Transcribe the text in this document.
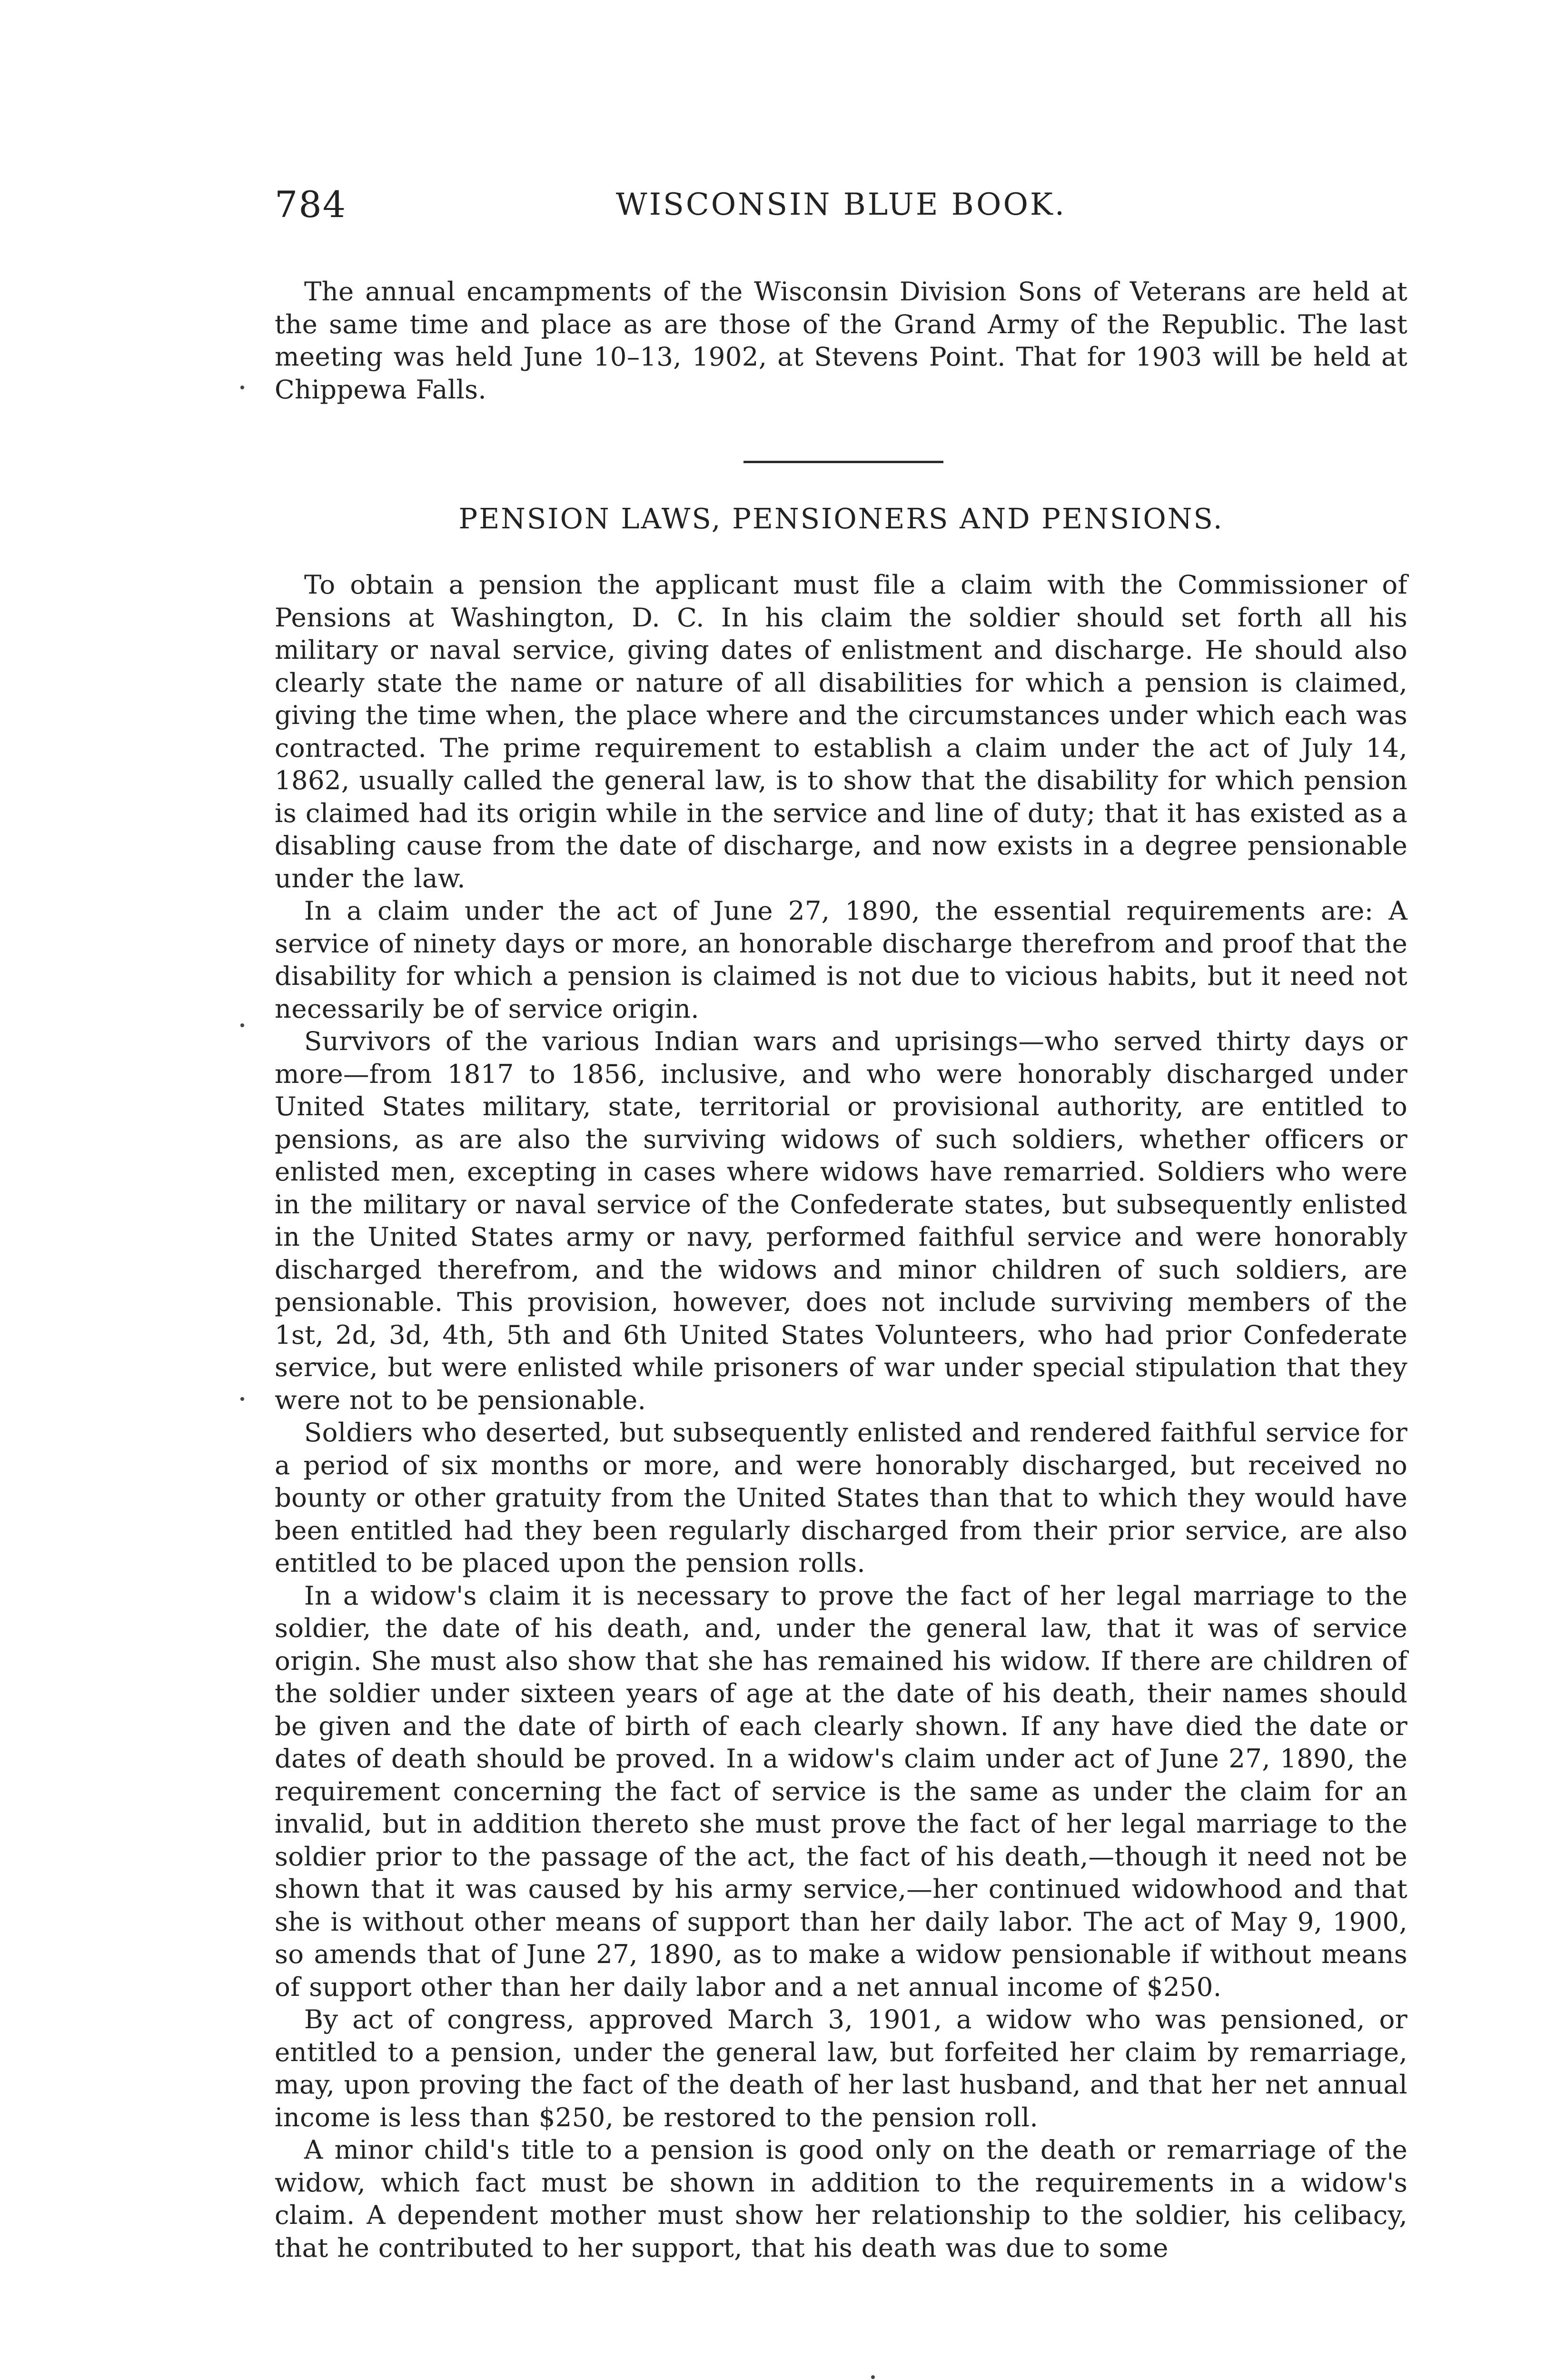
784	WISCONSIN BLUE BOOK.

The annual encampments of the Wisconsin Division Sons of Veterans are held at the same time and place as are those of the Grand Army of the Republic. The last meeting was held June 10–13, 1902, at Stevens Point. That for 1903 will be held at Chippewa Falls.

PENSION LAWS, PENSIONERS AND PENSIONS.

To obtain a pension the applicant must file a claim with the Commissioner of Pensions at Washington, D. C. In his claim the soldier should set forth all his military or naval service, giving dates of enlistment and discharge. He should also clearly state the name or nature of all disabilities for which a pension is claimed, giving the time when, the place where and the circumstances under which each was contracted. The prime requirement to establish a claim under the act of July 14, 1862, usually called the general law, is to show that the disability for which pension is claimed had its origin while in the service and line of duty; that it has existed as a disabling cause from the date of discharge, and now exists in a degree pensionable under the law.

In a claim under the act of June 27, 1890, the essential requirements are: A service of ninety days or more, an honorable discharge therefrom and proof that the disability for which a pension is claimed is not due to vicious habits, but it need not necessarily be of service origin.

Survivors of the various Indian wars and uprisings—who served thirty days or more—from 1817 to 1856, inclusive, and who were honorably discharged under United States military, state, territorial or provisional authority, are entitled to pensions, as are also the surviving widows of such soldiers, whether officers or enlisted men, excepting in cases where widows have remarried. Soldiers who were in the military or naval service of the Confederate states, but subsequently enlisted in the United States army or navy, performed faithful service and were honorably discharged therefrom, and the widows and minor children of such soldiers, are pensionable. This provision, however, does not include surviving members of the 1st, 2d, 3d, 4th, 5th and 6th United States Volunteers, who had prior Confederate service, but were enlisted while prisoners of war under special stipulation that they were not to be pensionable.

Soldiers who deserted, but subsequently enlisted and rendered faithful service for a period of six months or more, and were honorably discharged, but received no bounty or other gratuity from the United States than that to which they would have been entitled had they been regularly discharged from their prior service, are also entitled to be placed upon the pension rolls.

In a widow's claim it is necessary to prove the fact of her legal marriage to the soldier, the date of his death, and, under the general law, that it was of service origin. She must also show that she has remained his widow. If there are children of the soldier under sixteen years of age at the date of his death, their names should be given and the date of birth of each clearly shown. If any have died the date or dates of death should be proved. In a widow's claim under act of June 27, 1890, the requirement concerning the fact of service is the same as under the claim for an invalid, but in addition thereto she must prove the fact of her legal marriage to the soldier prior to the passage of the act, the fact of his death,—though it need not be shown that it was caused by his army service,—her continued widowhood and that she is without other means of support than her daily labor. The act of May 9, 1900, so amends that of June 27, 1890, as to make a widow pensionable if without means of support other than her daily labor and a net annual income of $250.

By act of congress, approved March 3, 1901, a widow who was pensioned, or entitled to a pension, under the general law, but forfeited her claim by remarriage, may, upon proving the fact of the death of her last husband, and that her net annual income is less than $250, be restored to the pension roll.

A minor child's title to a pension is good only on the death or remarriage of the widow, which fact must be shown in addition to the requirements in a widow's claim. A dependent mother must show her relationship to the soldier, his celibacy, that he contributed to her support, that his death was due to some
